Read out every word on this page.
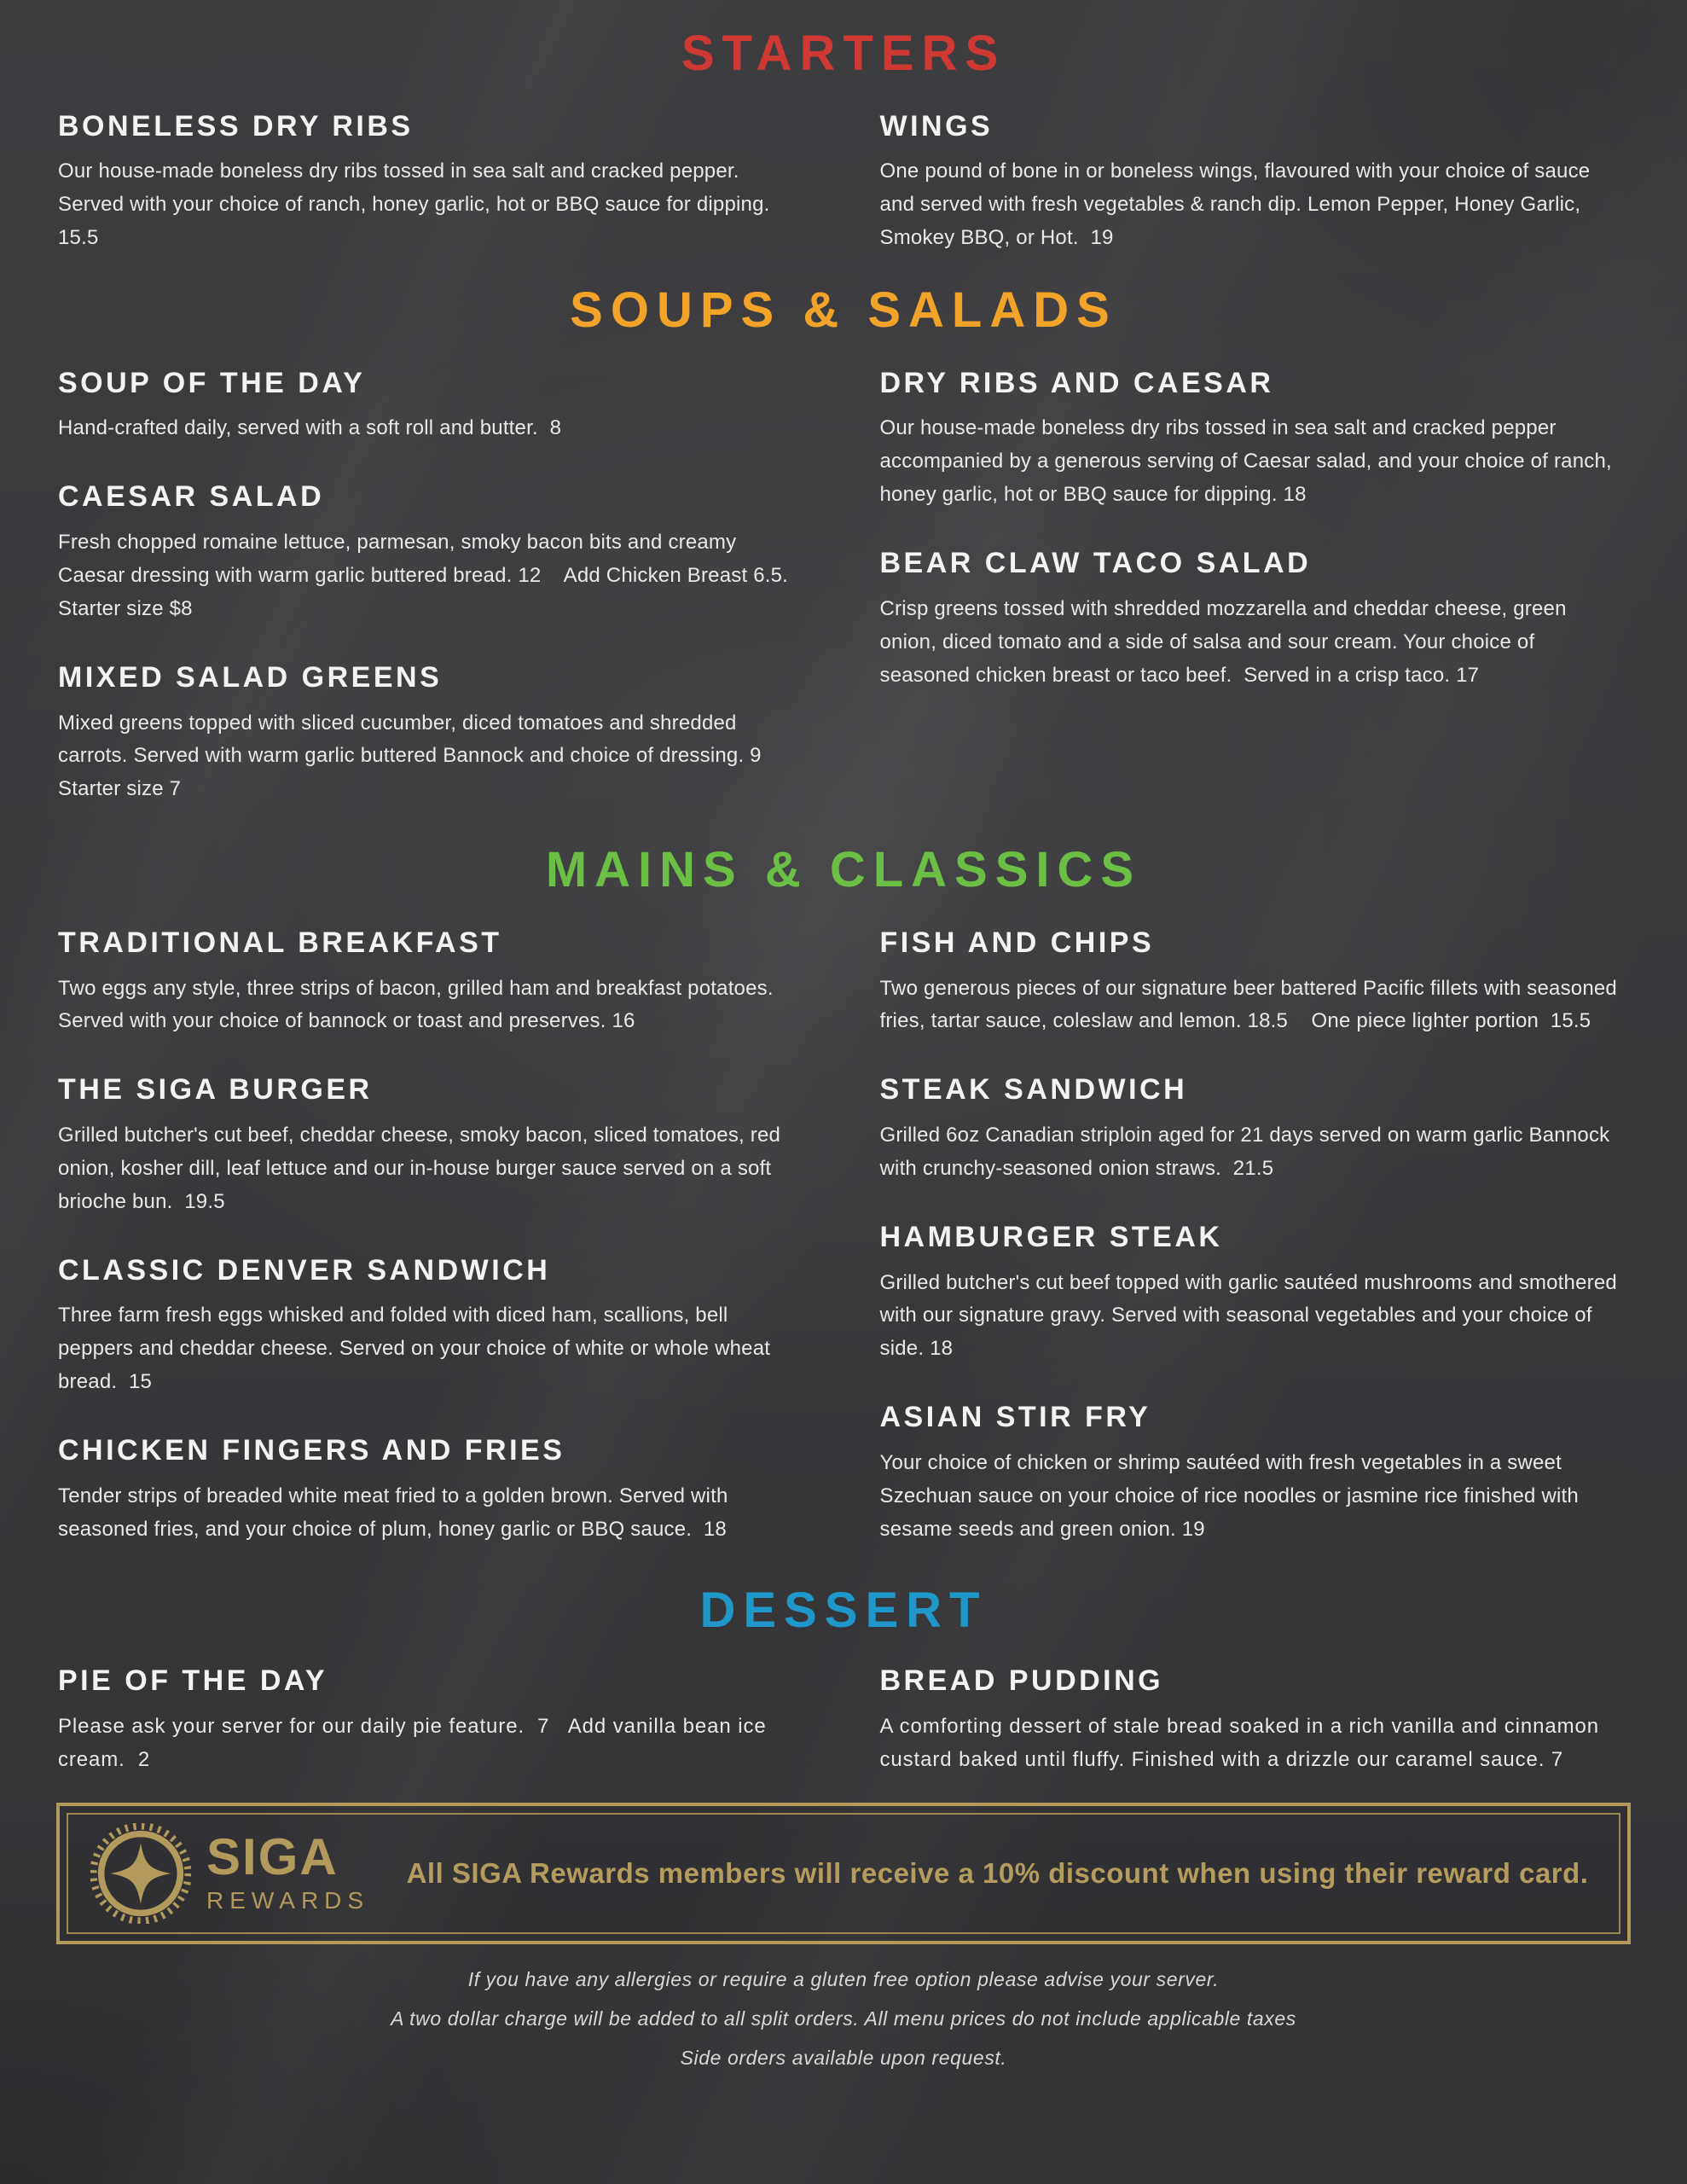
STARTERS
BONELESS DRY RIBS

Our house-made boneless dry ribs tossed in sea salt and cracked pepper. Served with your choice of ranch, honey garlic, hot or BBQ sauce for dipping. 15.5

WINGS

One pound of bone in or boneless wings, flavoured with your choice of sauce and served with fresh vegetables & ranch dip. Lemon Pepper, Honey Garlic, Smokey BBQ, or Hot.  19

SOUPS & SALADS
SOUP OF THE DAY

Hand-crafted daily, served with a soft roll and butter.  8

CAESAR SALAD

Fresh chopped romaine lettuce, parmesan, smoky bacon bits and creamy Caesar dressing with warm garlic buttered bread. 12    Add Chicken Breast 6.5. Starter size $8

MIXED SALAD GREENS

Mixed greens topped with sliced cucumber, diced tomatoes and shredded carrots. Served with warm garlic buttered Bannock and choice of dressing. 9  Starter size 7

DRY RIBS AND CAESAR

Our house-made boneless dry ribs tossed in sea salt and cracked pepper accompanied by a generous serving of Caesar salad, and your choice of ranch, honey garlic, hot or BBQ sauce for dipping. 18

BEAR CLAW TACO SALAD

Crisp greens tossed with shredded mozzarella and cheddar cheese, green onion, diced tomato and a side of salsa and sour cream. Your choice of seasoned chicken breast or taco beef.  Served in a crisp taco. 17

MAINS & CLASSICS
TRADITIONAL BREAKFAST

Two eggs any style, three strips of bacon, grilled ham and breakfast potatoes. Served with your choice of bannock or toast and preserves. 16

THE SIGA BURGER

Grilled butcher's cut beef, cheddar cheese, smoky bacon, sliced tomatoes, red onion, kosher dill, leaf lettuce and our in-house burger sauce served on a soft brioche bun.  19.5

CLASSIC DENVER SANDWICH

Three farm fresh eggs whisked and folded with diced ham, scallions, bell peppers and cheddar cheese. Served on your choice of white or whole wheat bread.  15

CHICKEN FINGERS AND FRIES

Tender strips of breaded white meat fried to a golden brown. Served with seasoned fries, and your choice of plum, honey garlic or BBQ sauce.  18

FISH AND CHIPS

Two generous pieces of our signature beer battered Pacific fillets with seasoned fries, tartar sauce, coleslaw and lemon. 18.5    One piece lighter portion  15.5

STEAK SANDWICH

Grilled 6oz Canadian striploin aged for 21 days served on warm garlic Bannock with crunchy-seasoned onion straws.  21.5

HAMBURGER STEAK

Grilled butcher's cut beef topped with garlic sautéed mushrooms and smothered with our signature gravy. Served with seasonal vegetables and your choice of side. 18

ASIAN STIR FRY

Your choice of chicken or shrimp sautéed with fresh vegetables in a sweet Szechuan sauce on your choice of rice noodles or jasmine rice finished with sesame seeds and green onion. 19

DESSERT
PIE OF THE DAY

Please ask your server for our daily pie feature.  7   Add vanilla bean ice cream.  2

BREAD PUDDING

A comforting dessert of stale bread soaked in a rich vanilla and cinnamon custard baked until fluffy. Finished with a drizzle our caramel sauce. 7

SIGA
REWARDS
All SIGA Rewards members will receive a 10% discount when using their reward card.

If you have any allergies or require a gluten free option please advise your server.

A two dollar charge will be added to all split orders. All menu prices do not include applicable taxes

Side orders available upon request.
